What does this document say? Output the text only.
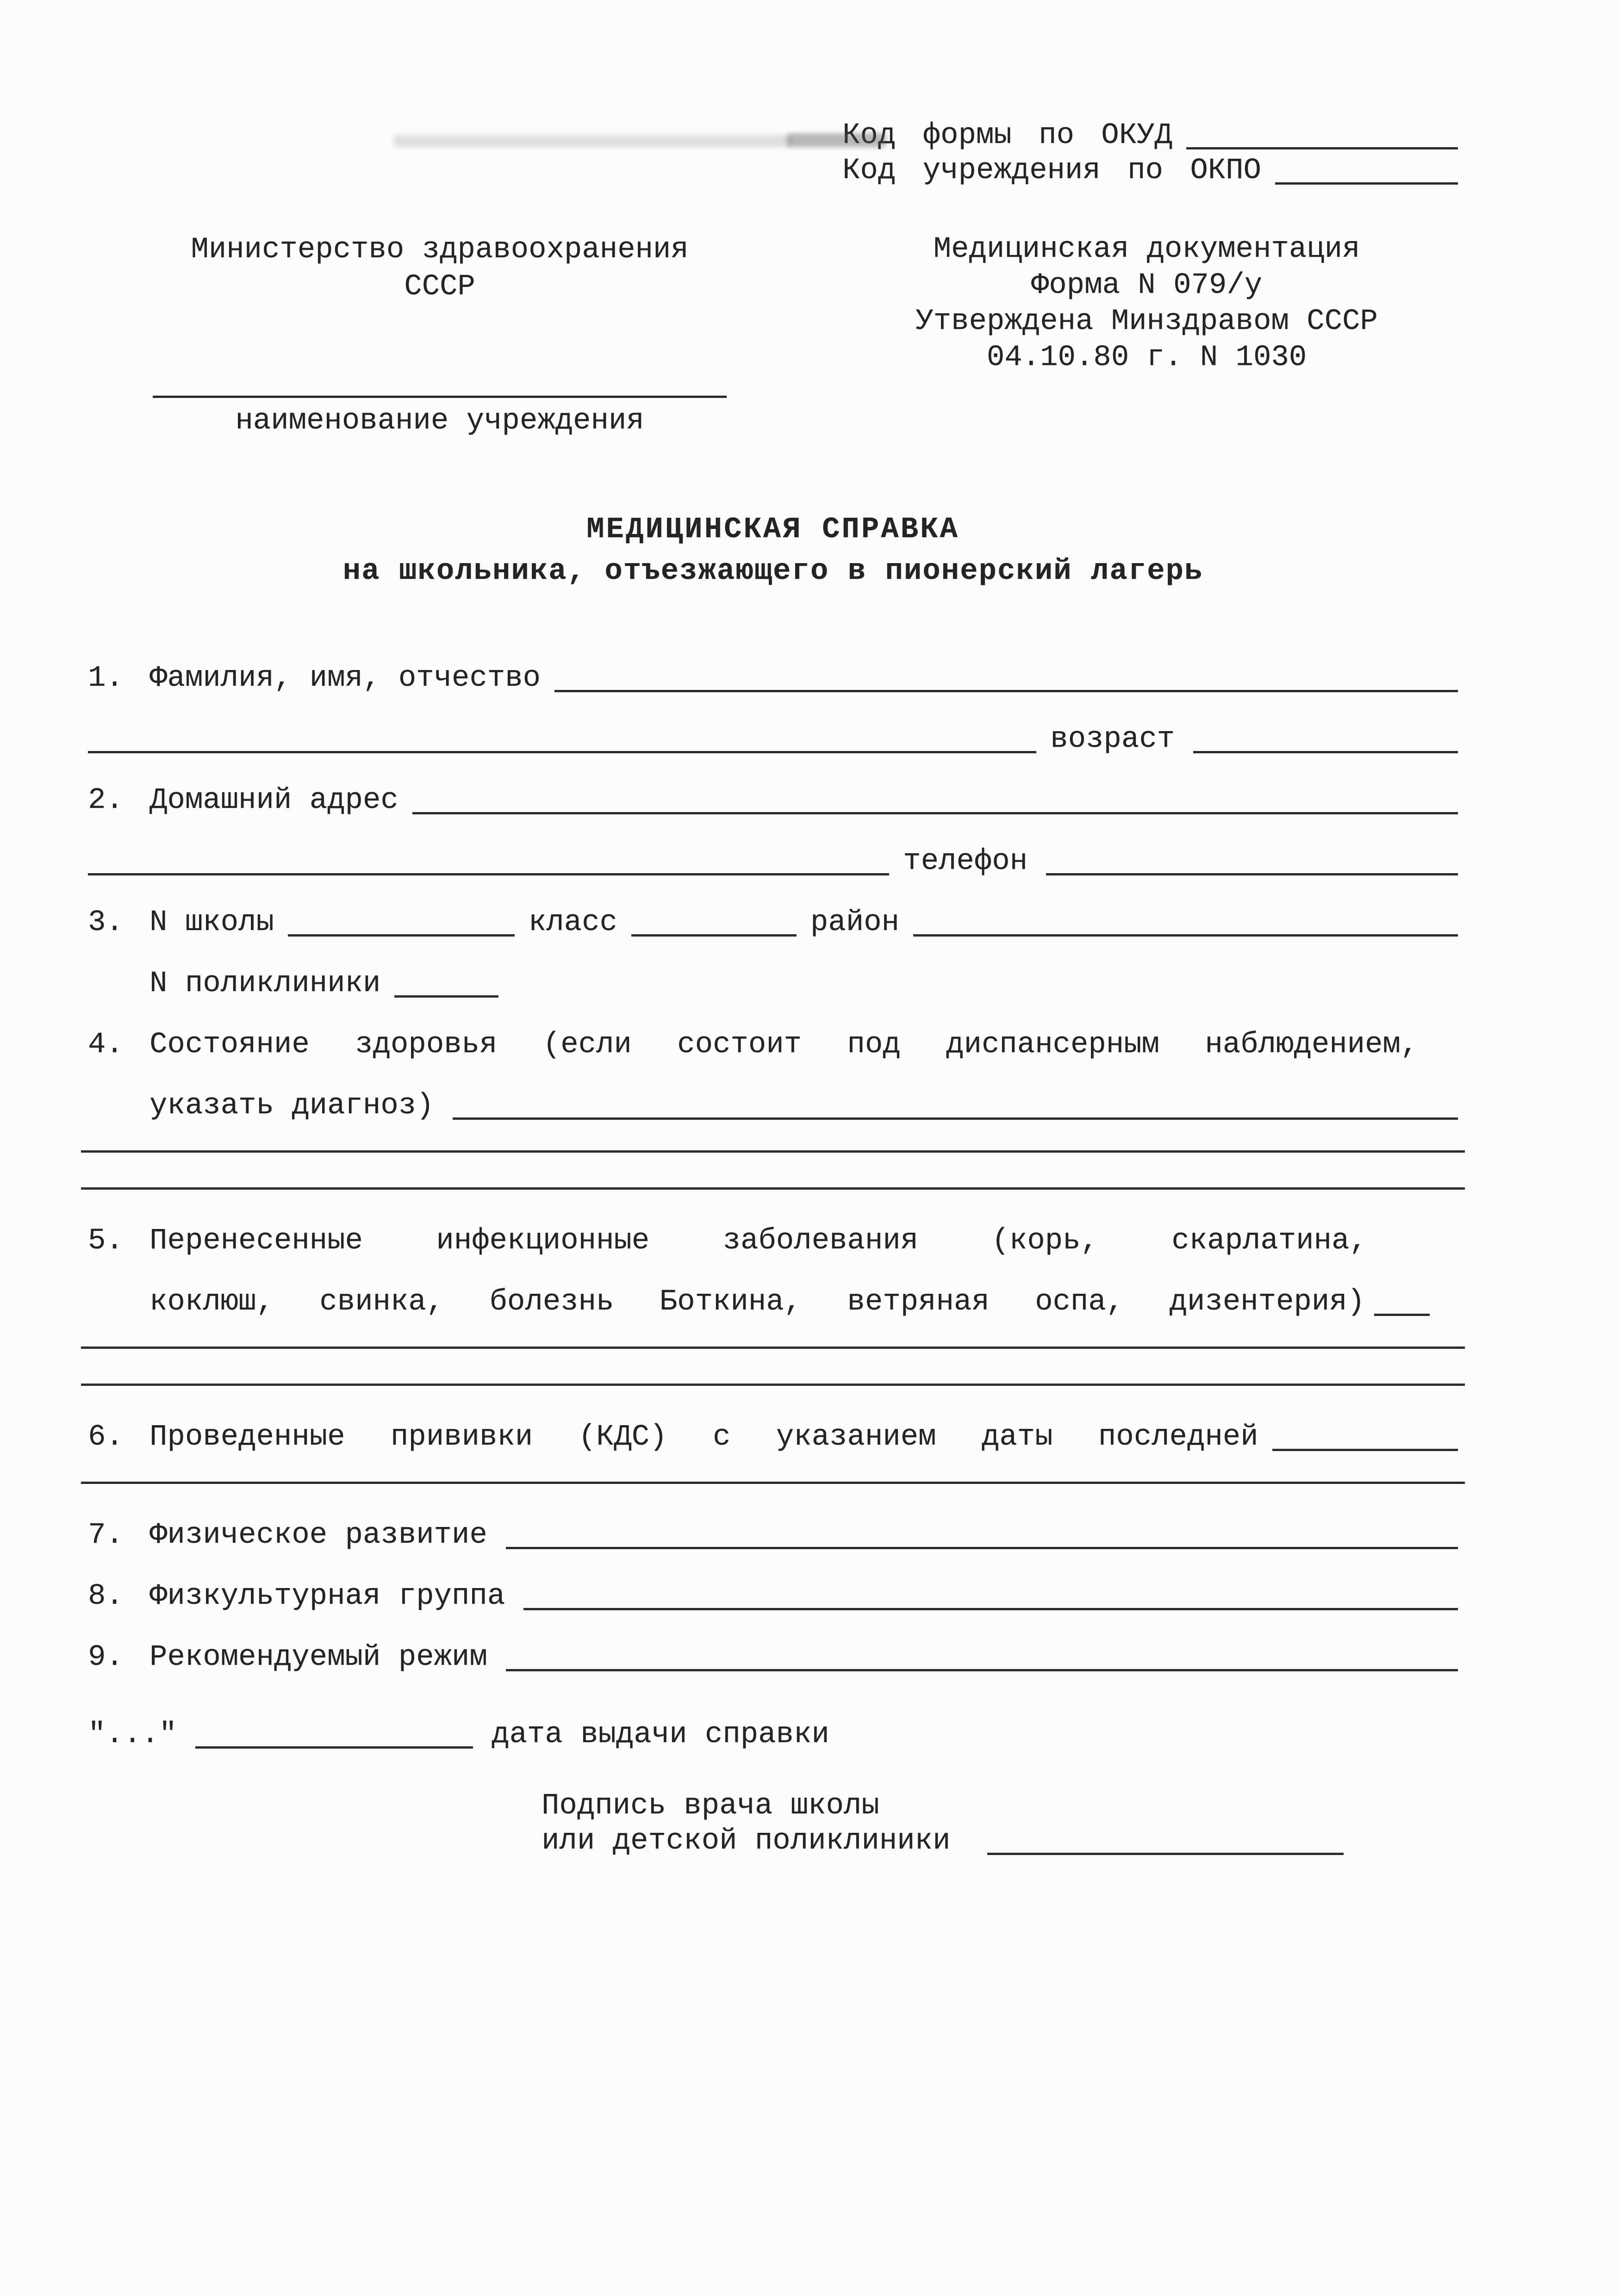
Код формы по ОКУД
Код учреждения по ОКПО
Министерство здравоохранения
СССР
наименование учреждения
Медицинская документация
Форма N 079/у
Утверждена Минздравом СССР
04.10.80 г. N 1030
МЕДИЦИНСКАЯ СПРАВКА
на школьника, отъезжающего в пионерский лагерь
1. Фамилия, имя, отчество
возраст
2. Домашний адрес
телефон
3. N школы	класс	район
N поликлиники
4. Состояние здоровья (если состоит под диспансерным наблюдением,
указать диагноз)
5. Перенесенные инфекционные заболевания (корь, скарлатина,
коклюш, свинка, болезнь Боткина, ветряная оспа, дизентерия)
6. Проведенные прививки (КДС) с указанием даты последней
7. Физическое развитие
8. Физкультурная группа
9. Рекомендуемый режим
"..."	дата выдачи справки
Подпись врача школы
или детской поликлиники
